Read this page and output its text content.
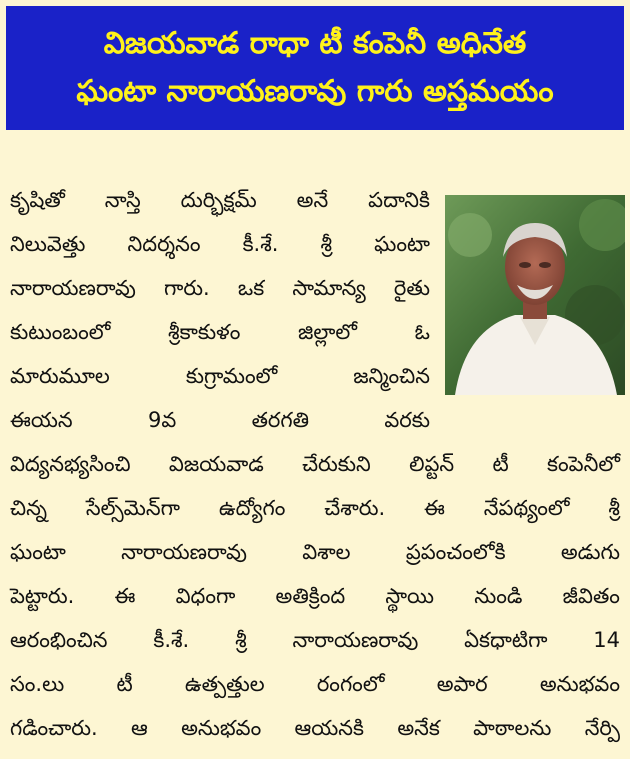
విజయవాడ రాధా టీ కంపెనీ అధినేత
ఘంటా నారాయణరావు గారు అస్తమయం
కృషితో నాస్తి దుర్భిక్షమ్ అనే పదానికి
నిలువెత్తు నిదర్శనం కీ.శే. శ్రీ ఘంటా
నారాయణరావు గారు. ఒక సామాన్య రైతు
కుటుంబంలో	శ్రీకాకుళం	జిల్లాలో	ఓ
మారుమూల	కుగ్రామంలో	జన్మించిన
ఈయన	9వ	తరగతి	వరకు
విద్యనభ్యసించి విజయవాడ చేరుకుని లిప్టన్ టీ కంపెనీలో
చిన్న సేల్స్‌మెన్‌గా ఉద్యోగం చేశారు. ఈ నేపథ్యంలో శ్రీ
ఘంటా	నారాయణరావు	విశాల	ప్రపంచంలోకి	అడుగు
పెట్టారు. ఈ విధంగా అతిక్రింద స్థాయి నుండి జీవితం
ఆరంభించిన కీ.శే. శ్రీ నారాయణరావు ఏకధాటిగా 14
సం.లు టీ ఉత్పత్తుల రంగంలో అపార అనుభవం
గడించారు. ఆ అనుభవం ఆయనకి అనేక పాఠాలను నేర్పి
